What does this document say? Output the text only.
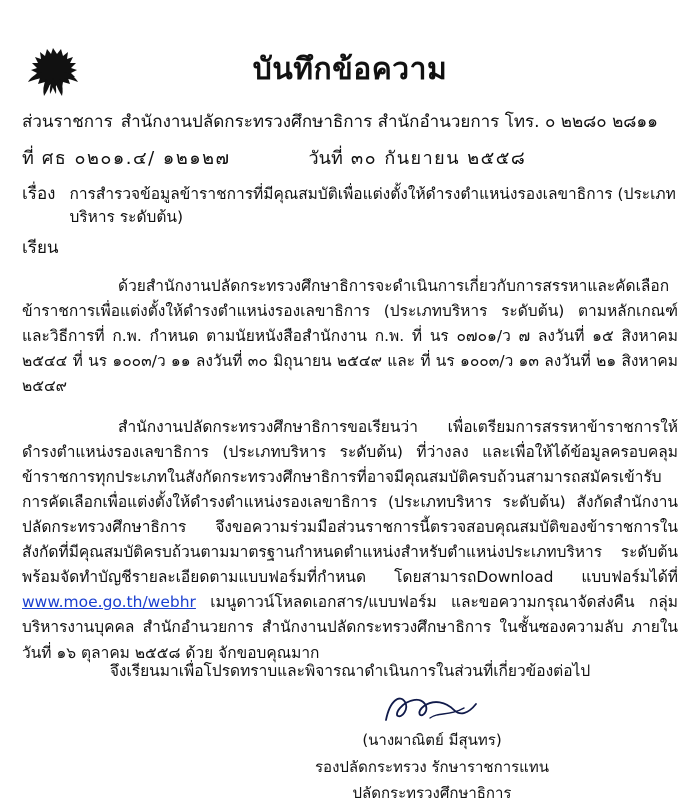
บันทึกข้อความ
ส่วนราชการ สำนักงานปลัดกระทรวงศึกษาธิการ สำนักอำนวยการ โทร. ๐ ๒๒๘๐ ๒๘๑๑
ที่ ศธ ๐๒๐๑.๔/ ๑๒๑๒๗	วันที่ ๓๐ กันยายน ๒๕๕๘
เรื่อง การสำรวจข้อมูลข้าราชการที่มีคุณสมบัติเพื่อแต่งตั้งให้ดำรงตำแหน่งรองเลขาธิการ (ประเภทบริหาร ระดับต้น)
เรียน

ด้วยสำนักงานปลัดกระทรวงศึกษาธิการจะดำเนินการเกี่ยวกับการสรรหาและคัดเลือกข้าราชการเพื่อแต่งตั้งให้ดำรงตำแหน่งรองเลขาธิการ (ประเภทบริหาร ระดับต้น) ตามหลักเกณฑ์และวิธีการที่ ก.พ. กำหนด ตามนัยหนังสือสำนักงาน ก.พ. ที่ นร ๐๗๐๑/ว ๗ ลงวันที่ ๑๕ สิงหาคม ๒๕๔๔ ที่ นร ๑๐๐๓/ว ๑๑ ลงวันที่ ๓๐ มิถุนายน ๒๕๔๙ และ ที่ นร ๑๐๐๓/ว ๑๓ ลงวันที่ ๒๑ สิงหาคม ๒๕๔๙

สำนักงานปลัดกระทรวงศึกษาธิการขอเรียนว่า เพื่อเตรียมการสรรหาข้าราชการให้ดำรงตำแหน่งรองเลขาธิการ (ประเภทบริหาร ระดับต้น) ที่ว่างลง และเพื่อให้ได้ข้อมูลครอบคลุมข้าราชการทุกประเภทในสังกัดกระทรวงศึกษาธิการที่อาจมีคุณสมบัติครบถ้วนสามารถสมัครเข้ารับการคัดเลือกเพื่อแต่งตั้งให้ดำรงตำแหน่งรองเลขาธิการ (ประเภทบริหาร ระดับต้น) สังกัดสำนักงานปลัดกระทรวงศึกษาธิการ จึงขอความร่วมมือส่วนราชการนี้ตรวจสอบคุณสมบัติของข้าราชการในสังกัดที่มีคุณสมบัติครบถ้วนตามมาตรฐานกำหนดตำแหน่งสำหรับตำแหน่งประเภทบริหาร ระดับต้น พร้อมจัดทำบัญชีรายละเอียดตามแบบฟอร์มที่กำหนด โดยสามารถDownload แบบฟอร์มได้ที่ www.moe.go.th/webhr เมนูดาวน์โหลดเอกสาร/แบบฟอร์ม และขอความกรุณาจัดส่งคืน กลุ่มบริหารงานบุคคล สำนักอำนวยการ สำนักงานปลัดกระทรวงศึกษาธิการ ในชั้นซองความลับ ภายในวันที่ ๑๖ ตุลาคม ๒๕๕๘ ด้วย จักขอบคุณมาก

จึงเรียนมาเพื่อโปรดทราบและพิจารณาดำเนินการในส่วนที่เกี่ยวข้องต่อไป
(นางผาณิตย์ มีสุนทร)
รองปลัดกระทรวง รักษาราชการแทน
ปลัดกระทรวงศึกษาธิการ
